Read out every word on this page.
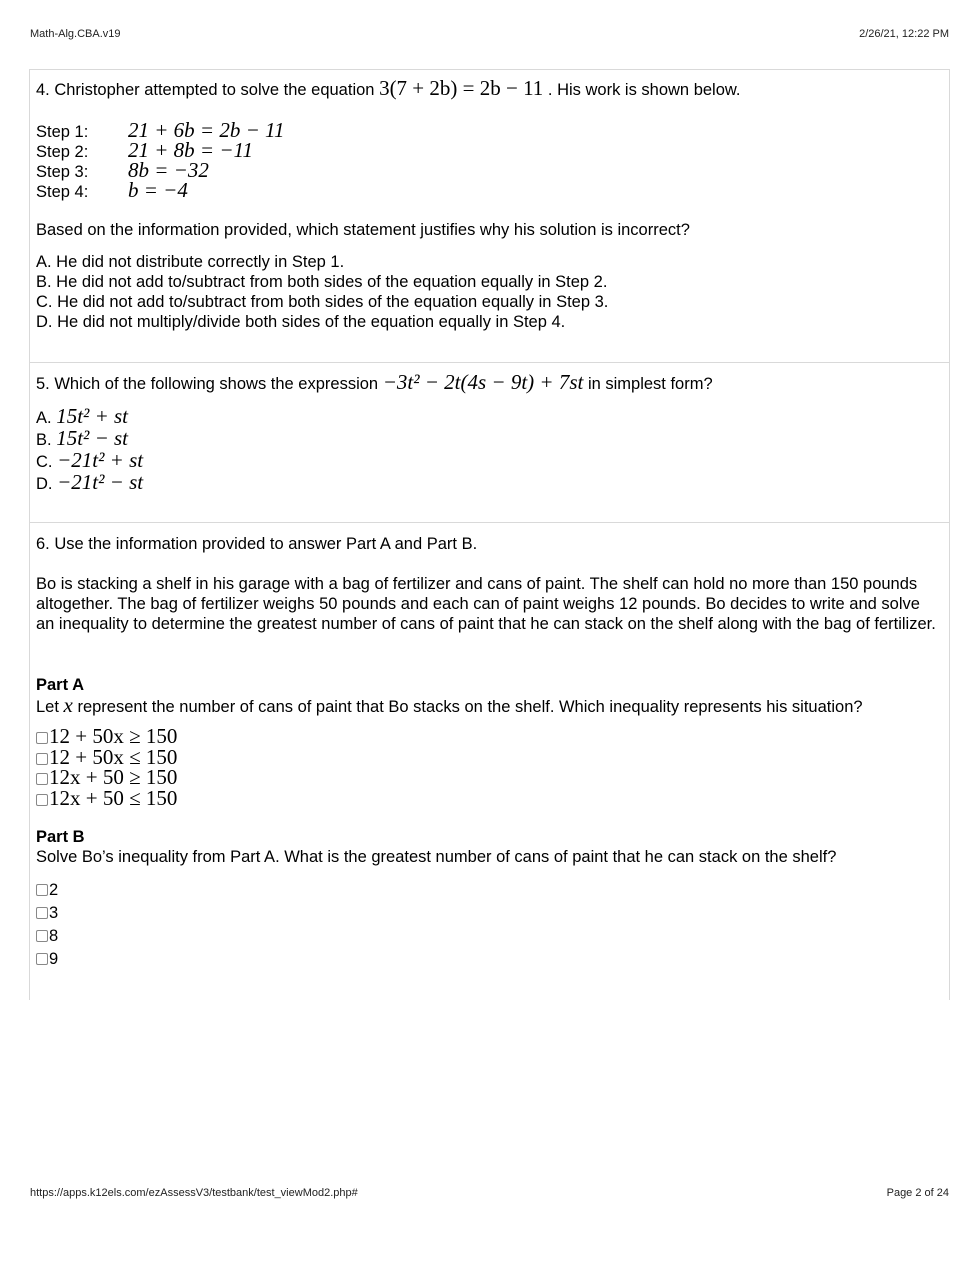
Math-Alg.CBA.v19	2/26/21, 12:22 PM
4. Christopher attempted to solve the equation 3(7 + 2b) = 2b − 11 . His work is shown below.
Step 1: 21 + 6b = 2b − 11
Step 2: 21 + 8b = −11
Step 3: 8b = −32
Step 4: b = −4
Based on the information provided, which statement justifies why his solution is incorrect?
A. He did not distribute correctly in Step 1.
B. He did not add to/subtract from both sides of the equation equally in Step 2.
C. He did not add to/subtract from both sides of the equation equally in Step 3.
D. He did not multiply/divide both sides of the equation equally in Step 4.
5. Which of the following shows the expression −3t² − 2t(4s − 9t) + 7st in simplest form?
A. 15t² + st
B. 15t² − st
C. −21t² + st
D. −21t² − st
6. Use the information provided to answer Part A and Part B.
Bo is stacking a shelf in his garage with a bag of fertilizer and cans of paint. The shelf can hold no more than 150 pounds altogether. The bag of fertilizer weighs 50 pounds and each can of paint weighs 12 pounds. Bo decides to write and solve an inequality to determine the greatest number of cans of paint that he can stack on the shelf along with the bag of fertilizer.
Part A
Let x represent the number of cans of paint that Bo stacks on the shelf. Which inequality represents his situation?
12 + 50x ≥ 150
12 + 50x ≤ 150
12x + 50 ≥ 150
12x + 50 ≤ 150
Part B
Solve Bo’s inequality from Part A. What is the greatest number of cans of paint that he can stack on the shelf?
2
3
8
9
https://apps.k12els.com/ezAssessV3/testbank/test_viewMod2.php#	Page 2 of 24
